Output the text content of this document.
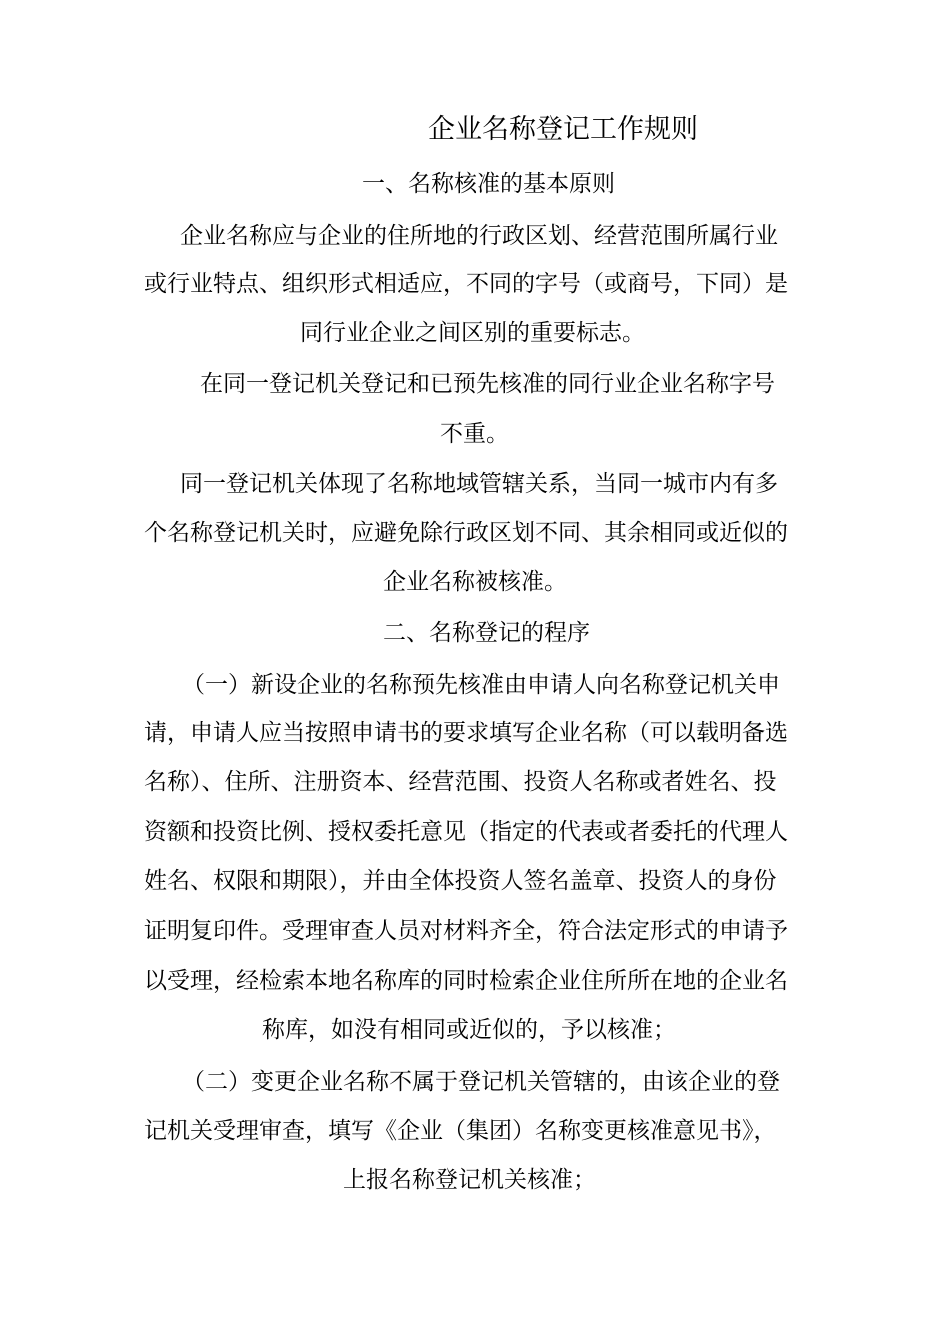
企业名称登记工作规则
一、名称核准的基本原则
企业名称应与企业的住所地的行政区划、经营范围所属行业
或行业特点、组织形式相适应，不同的字号（或商号，下同）是
同行业企业之间区别的重要标志。
在同一登记机关登记和已预先核准的同行业企业名称字号
不重。
同一登记机关体现了名称地域管辖关系，当同一城市内有多
个名称登记机关时，应避免除行政区划不同、其余相同或近似的
企业名称被核准。
二、名称登记的程序
（一）新设企业的名称预先核准由申请人向名称登记机关申
请，申请人应当按照申请书的要求填写企业名称（可以载明备选
名称）、住所、注册资本、经营范围、投资人名称或者姓名、投
资额和投资比例、授权委托意见（指定的代表或者委托的代理人
姓名、权限和期限），并由全体投资人签名盖章、投资人的身份
证明复印件。受理审查人员对材料齐全，符合法定形式的申请予
以受理，经检索本地名称库的同时检索企业住所所在地的企业名
称库，如没有相同或近似的，予以核准；
（二）变更企业名称不属于登记机关管辖的，由该企业的登
记机关受理审查，填写《企业（集团）名称变更核准意见书》，
上报名称登记机关核准；
